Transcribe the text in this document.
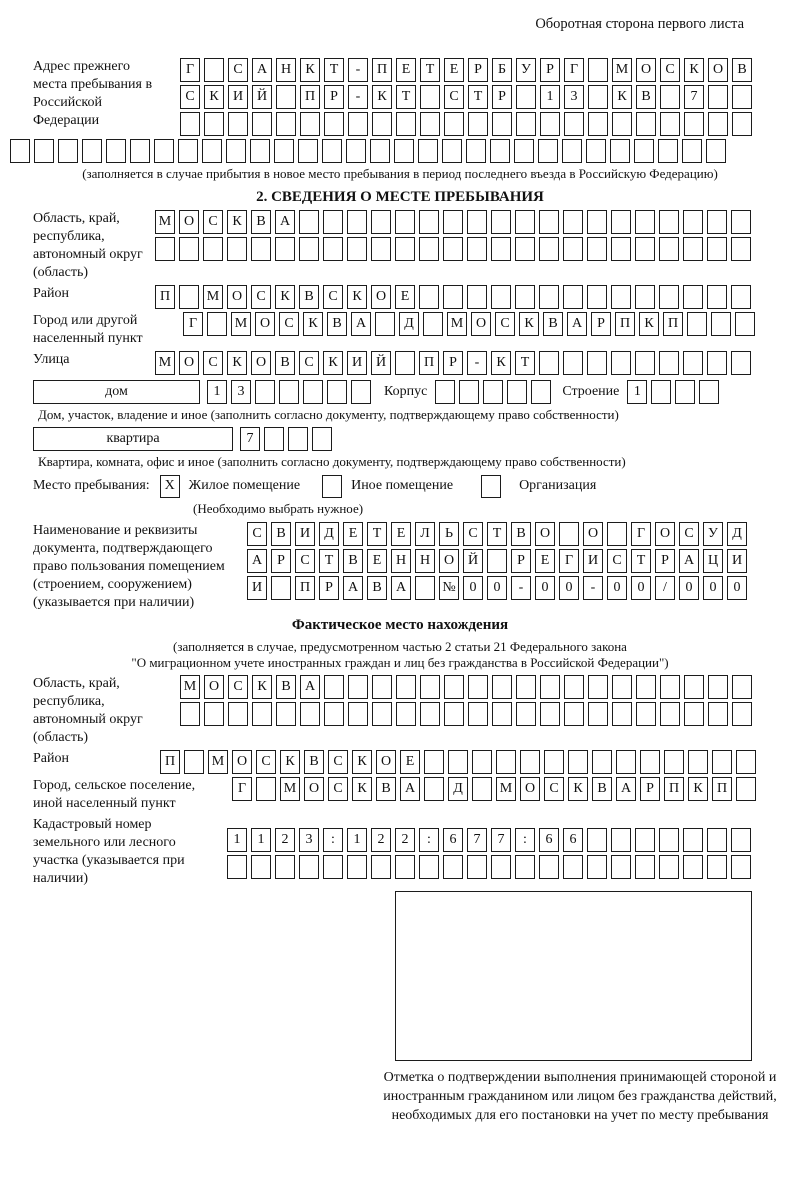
Оборотная сторона первого листа
Адрес прежнего места пребывания в Российской Федерации
Г	С	А Н	К	Т	-	П	Е	Т	Е	Р	Б	У	Р	Г	М О	С	К	О	В
С	К	И Й	П	Р	-	К	Т	С	Т	Р	1	3	К	В	7
(заполняется в случае прибытия в новое место пребывания в период последнего въезда в Российскую Федерацию)
2. СВЕДЕНИЯ О МЕСТЕ ПРЕБЫВАНИЯ
Область, край, республика, автономный округ (область)
М О	С	К	В	А
Район	П	М О	С	К	В	С	К	О	Е
Город или другой населенный пункт
Г	М О	С	К	В	А	Д	М О	С	К	В	А	Р	П	К	П
Улица	М О	С	К	О	В	С	К	И Й	П	Р	-	К	Т
дом	1	3	Корпус	Строение	1
Дом, участок, владение и иное (заполнить согласно документу, подтверждающему право собственности)
квартира	7
Квартира, комната, офис и иное (заполнить согласно документу, подтверждающему право собственности)
Место пребывания:	X Жилое помещение	Иное помещение	Организация
(Необходимо выбрать нужное)
Наименование и реквизиты документа, подтверждающего право пользования помещением (строением, сооружением) (указывается при наличии)
С	В	И	Д	Е	Т	Е	Л	Ь	С	Т	В	О	О	Г	О	С	У	Д
А	Р	С	Т	В	Е	Н Н О Й	Р	Е	Г	И	С	Т	Р	А Ц И
И	П	Р	А	В	А	№ 0	0	-	0	0	-	0	0	/	0	0	0
Фактическое место нахождения
(заполняется в случае, предусмотренном частью 2 статьи 21 Федерального закона
"О миграционном учете иностранных граждан и лиц без гражданства в Российской Федерации")
Область, край, республика, автономный округ (область)
М О	С	К	В	А
Район	П	М О	С	К	В	С	К	О	Е
Город, сельское поселение, иной населенный пункт
Г	М О	С	К	В	А	Д	М О	С	К	В	А	Р	П	К	П
Кадастровый номер земельного или лесного участка (указывается при наличии)
1	1	2	3	:	1	2	2	:	6	7	7	:	6	6
Отметка о подтверждении выполнения принимающей стороной и иностранным гражданином или лицом без гражданства действий, необходимых для его постановки на учет по месту пребывания
